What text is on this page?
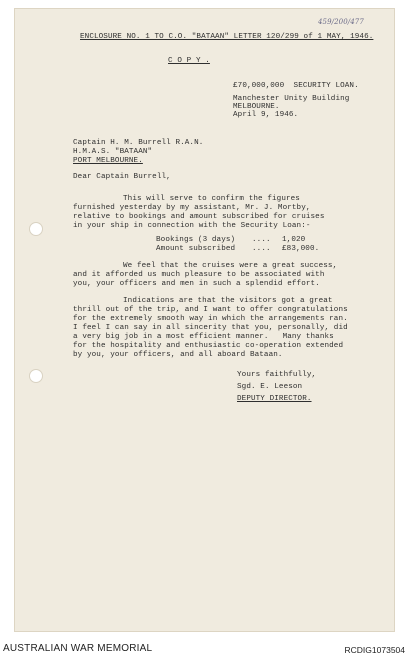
459/200/477
ENCLOSURE NO. 1 TO C.O. "BATAAN" LETTER 120/299 of 1 MAY, 1946.
C O P Y .
£70,000,000  SECURITY LOAN.
Manchester Unity Building
MELBOURNE.
April 9, 1946.
Captain H. M. Burrell R.A.N.
H.M.A.S. "BATAAN"
PORT MELBOURNE.
Dear Captain Burrell,
This will serve to confirm the figures
furnished yesterday by my assistant, Mr. J. Mortby,
relative to bookings and amount subscribed for cruises
in your ship in connection with the Security Loan:-
Bookings (3 days) .... 1,020
Amount subscribed .... £83,000.
We feel that the cruises were a great success,
and it afforded us much pleasure to be associated with
you, your officers and men in such a splendid effort.
Indications are that the visitors got a great
thrill out of the trip, and I want to offer congratulations
for the extremely smooth way in which the arrangements ran.
I feel I can say in all sincerity that you, personally, did
a very big job in a most efficient manner.   Many thanks
for the hospitality and enthusiastic co-operation extended
by you, your officers, and all aboard Bataan.
Yours faithfully,
Sgd. E. Leeson
DEPUTY DIRECTOR.
AUSTRALIAN WAR MEMORIAL	RCDIG1073504
